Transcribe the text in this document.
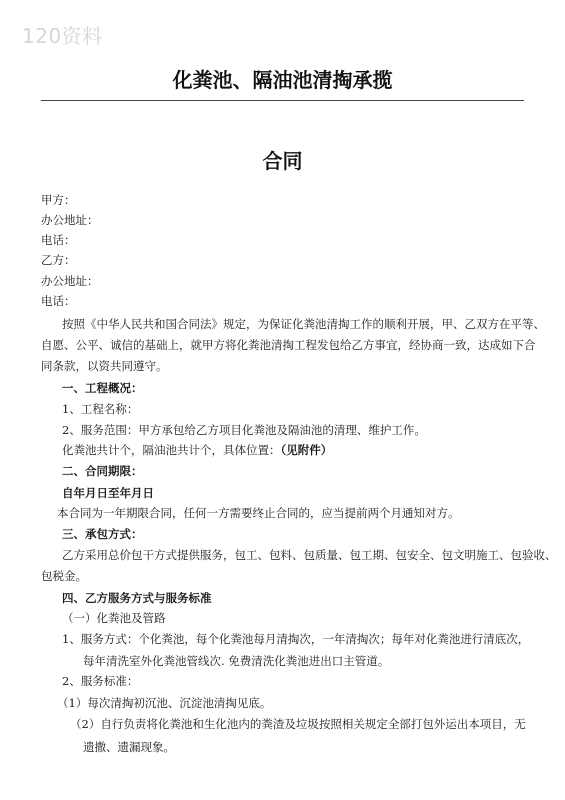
120资料
化粪池、隔油池清掏承揽
合同
甲方：
办公地址：
电话：
乙方：
办公地址：
电话：
按照《中华人民共和国合同法》规定，为保证化粪池清掏工作的顺利开展，甲、乙双方在平等、
自愿、公平、诚信的基础上，就甲方将化粪池清掏工程发包给乙方事宜，经协商一致，达成如下合
同条款，以资共同遵守。
一、工程概况：
1、工程名称：
2、服务范围：甲方承包给乙方项目化粪池及隔油池的清理、维护工作。
化粪池共计个，隔油池共计个，具体位置：（见附件）
二、合同期限：
自年月日至年月日
本合同为一年期限合同，任何一方需要终止合同的，应当提前两个月通知对方。
三、承包方式：
乙方采用总价包干方式提供服务，包工、包料、包质量、包工期、包安全、包文明施工、包验收、
包税金。
四、乙方服务方式与服务标准
（一）化粪池及管路
1、服务方式：个化粪池，每个化粪池每月清掏次，一年清掏次；每年对化粪池进行清底次，
每年清洗室外化粪池管线次. 免费清洗化粪池进出口主管道。
2、服务标准：
（1）每次清掏初沉池、沉淀池清掏见底。
（2）自行负责将化粪池和生化池内的粪渣及垃圾按照相关规定全部打包外运出本项目，无
遗撒、遗漏现象。
